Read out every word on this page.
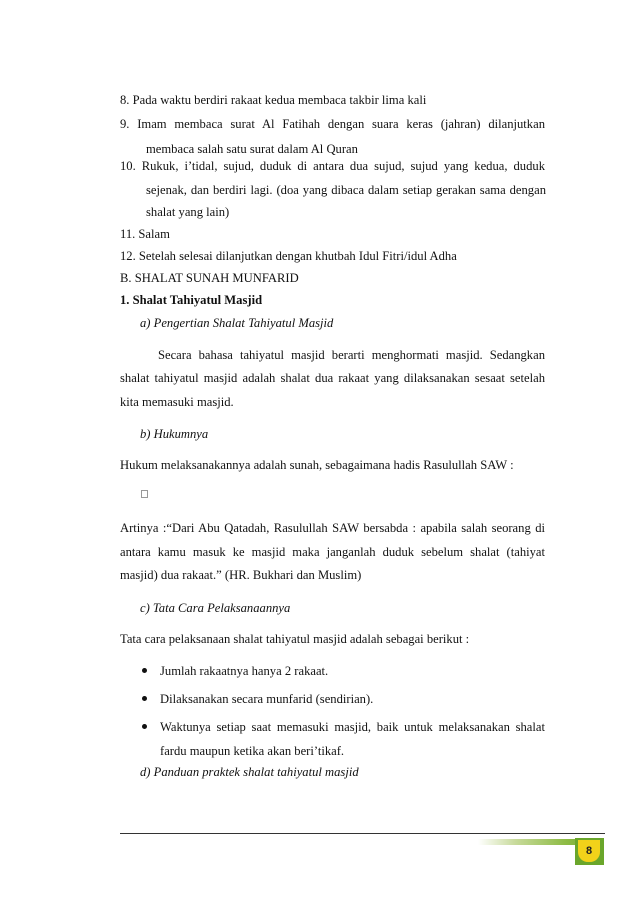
8. Pada waktu berdiri rakaat kedua membaca takbir lima kali
9. Imam membaca surat Al Fatihah dengan suara keras (jahran) dilanjutkan
membaca salah satu surat dalam Al Quran
10. Rukuk, i’tidal, sujud, duduk di antara dua sujud, sujud yang kedua, duduk
sejenak, dan berdiri lagi. (doa yang dibaca dalam setiap gerakan sama dengan
shalat yang lain)
11. Salam
12. Setelah selesai dilanjutkan dengan khutbah Idul Fitri/idul Adha
B. SHALAT SUNAH MUNFARID
1. Shalat Tahiyatul Masjid
a) Pengertian Shalat Tahiyatul Masjid
Secara bahasa tahiyatul masjid berarti menghormati masjid. Sedangkan
shalat tahiyatul masjid adalah shalat dua rakaat yang dilaksanakan sesaat setelah
kita memasuki masjid.
b) Hukumnya
Hukum melaksanakannya adalah sunah, sebagaimana hadis Rasulullah SAW :
Artinya :“Dari Abu Qatadah, Rasulullah SAW bersabda : apabila salah seorang di
antara kamu masuk ke masjid maka janganlah duduk sebelum shalat (tahiyat
masjid) dua rakaat.” (HR. Bukhari dan Muslim)
c) Tata Cara Pelaksanaannya
Tata cara pelaksanaan shalat tahiyatul masjid adalah sebagai berikut :
Jumlah rakaatnya hanya 2 rakaat.
Dilaksanakan secara munfarid (sendirian).
Waktunya setiap saat memasuki masjid, baik untuk melaksanakan shalat
fardu maupun ketika akan beri’tikaf.
d) Panduan praktek shalat tahiyatul masjid
8
